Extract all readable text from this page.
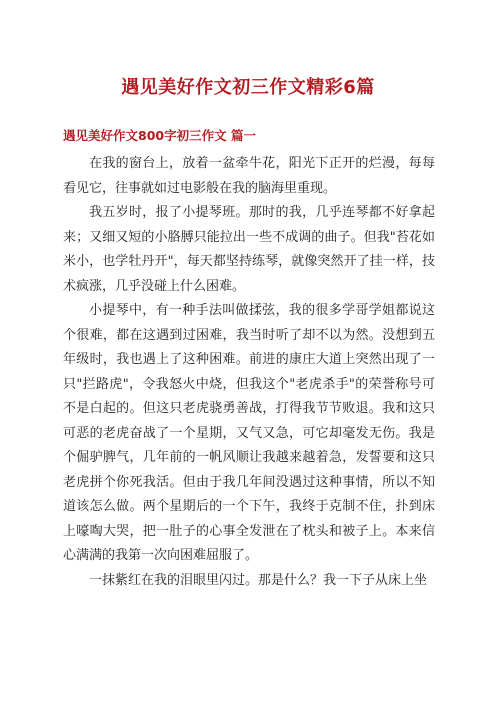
遇见美好作文初三作文精彩6篇
遇见美好作文800字初三作文 篇一

在我的窗台上，放着一盆牵牛花，阳光下正开的烂漫，每每看见它，往事就如过电影般在我的脑海里重现。

我五岁时，报了小提琴班。那时的我，几乎连琴都不好拿起来；又细又短的小胳膊只能拉出一些不成调的曲子。但我"苔花如米小，也学牡丹开"，每天都坚持练琴，就像突然开了挂一样，技术疯涨，几乎没碰上什么困难。

小提琴中，有一种手法叫做揉弦，我的很多学哥学姐都说这个很难，都在这遇到过困难，我当时听了却不以为然。没想到五年级时，我也遇上了这种困难。前进的康庄大道上突然出现了一只"拦路虎"，令我怒火中烧，但我这个"老虎杀手"的荣誉称号可不是白起的。但这只老虎骁勇善战，打得我节节败退。我和这只可恶的老虎奋战了一个星期，又气又急，可它却毫发无伤。我是个倔驴脾气，几年前的一帆风顺让我越来越着急，发誓要和这只老虎拼个你死我活。但由于我几年间没遇过这种事情，所以不知道该怎么做。两个星期后的一个下午，我终于克制不住，扑到床上嚎啕大哭，把一肚子的心事全发泄在了枕头和被子上。本来信心满满的我第一次向困难屈服了。

一抹紫红在我的泪眼里闪过。那是什么？我一下子从床上坐
